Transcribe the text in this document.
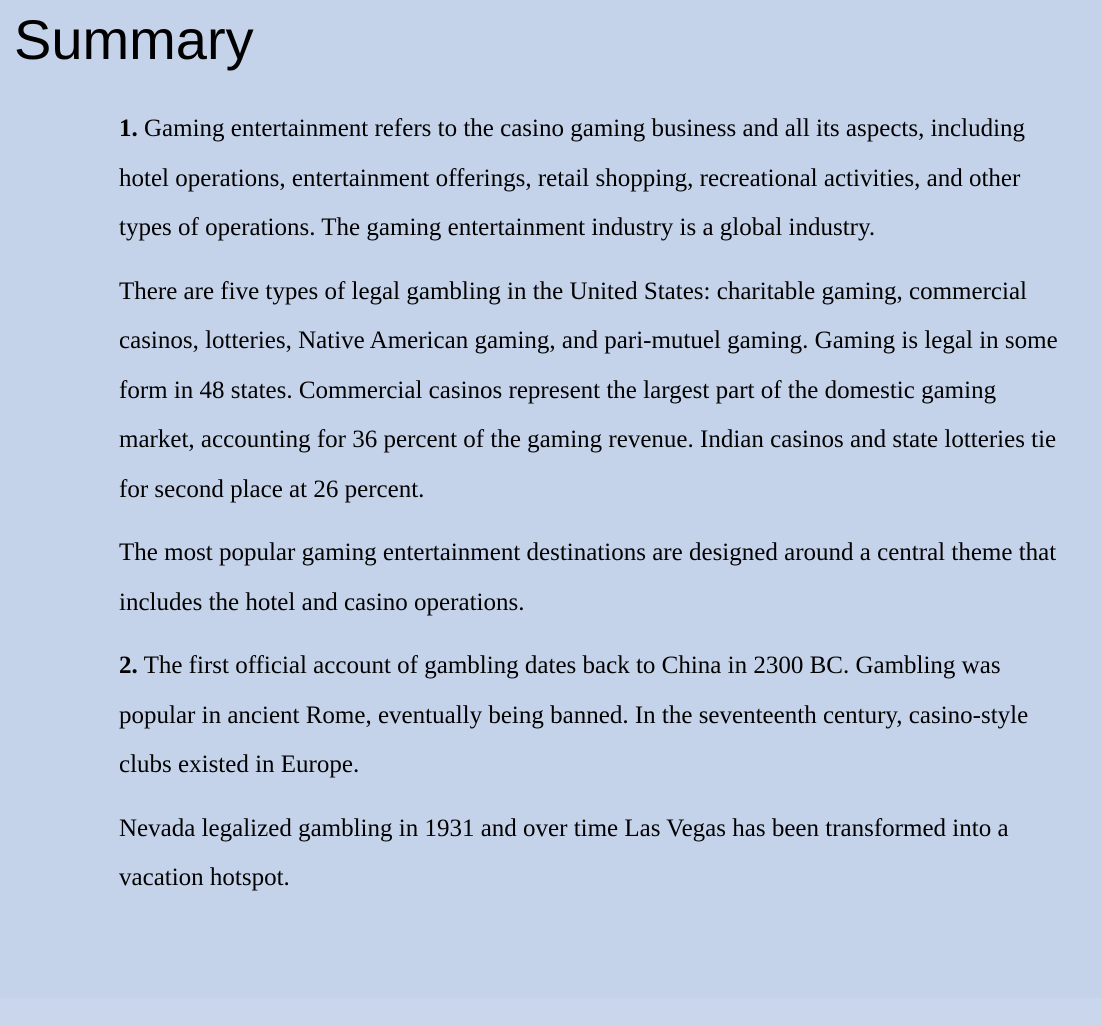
Summary

1. Gaming entertainment refers to the casino gaming business and all its aspects, including hotel operations, entertainment offerings, retail shopping, recreational activities, and other types of operations. The gaming entertainment industry is a global industry.

There are five types of legal gambling in the United States: charitable gaming, commercial casinos, lotteries, Native American gaming, and pari-mutuel gaming. Gaming is legal in some form in 48 states. Commercial casinos represent the largest part of the domestic gaming market, accounting for 36 percent of the gaming revenue. Indian casinos and state lotteries tie for second place at 26 percent.

The most popular gaming entertainment destinations are designed around a central theme that includes the hotel and casino operations.

2. The first official account of gambling dates back to China in 2300 BC. Gambling was popular in ancient Rome, eventually being banned. In the seventeenth century, casino-style clubs existed in Europe.

Nevada legalized gambling in 1931 and over time Las Vegas has been transformed into a vacation hotspot.
